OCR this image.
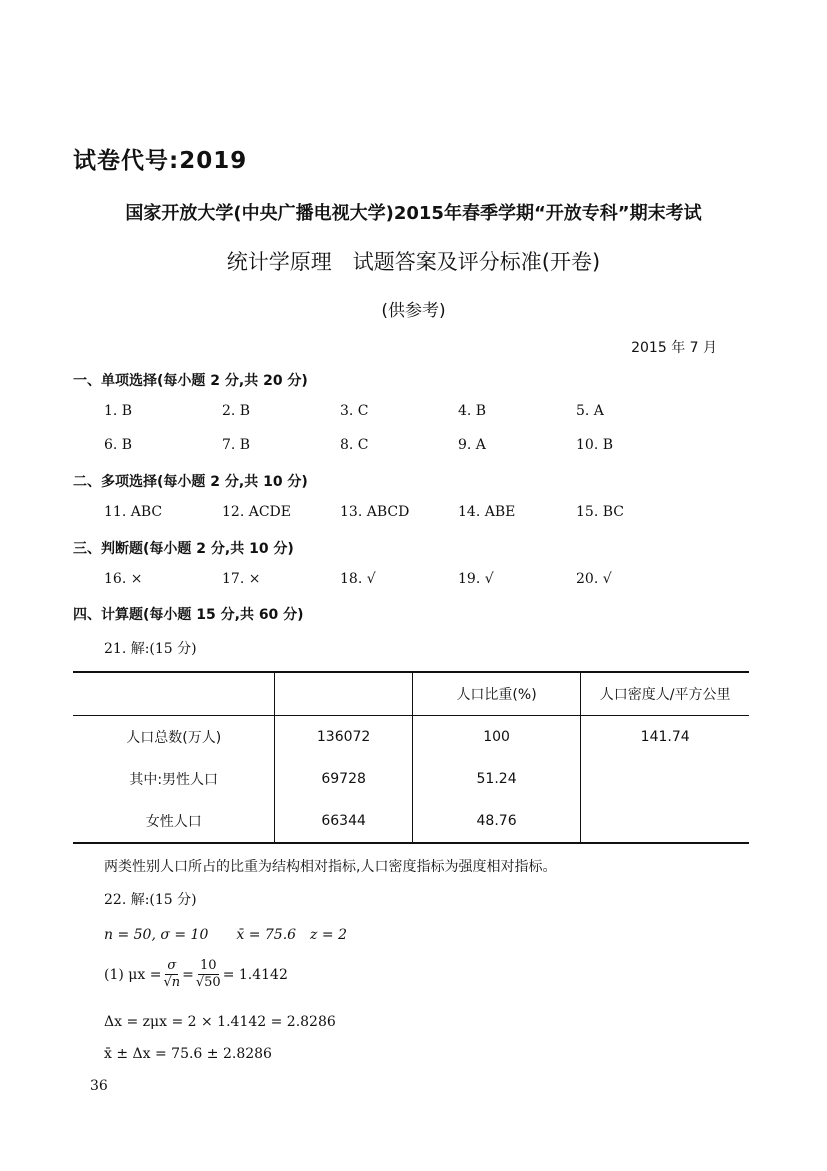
试卷代号:2019
国家开放大学(中央广播电视大学)2015年春季学期“开放专科”期末考试
统计学原理　试题答案及评分标准(开卷)
(供参考)
2015 年 7 月
一、单项选择(每小题 2 分,共 20 分)
1. B	2. B	3. C	4. B	5. A
6. B	7. B	8. C	9. A	10. B
二、多项选择(每小题 2 分,共 10 分)
11. ABC	12. ACDE	13. ABCD	14. ABE	15. BC
三、判断题(每小题 2 分,共 10 分)
16. ×	17. ×	18. √	19. √	20. √
四、计算题(每小题 15 分,共 60 分)
21. 解:(15 分)
		人口比重(%)	人口密度人/平方公里
人口总数(万人)	136072	100	141.74
其中:男性人口	69728	51.24	
女性人口	66344	48.76	
两类性别人口所占的比重为结构相对指标,人口密度指标为强度相对指标。
22. 解:(15 分)
n = 50, σ = 10　　x̄ = 75.6　z = 2
(1) $\mu x = \frac{\sigma}{√n} = \frac{10}{√50} = 1.4142$
Δx = zμx = 2 × 1.4142 = 2.8286
x̄ ± Δx = 75.6 ± 2.8286
36
